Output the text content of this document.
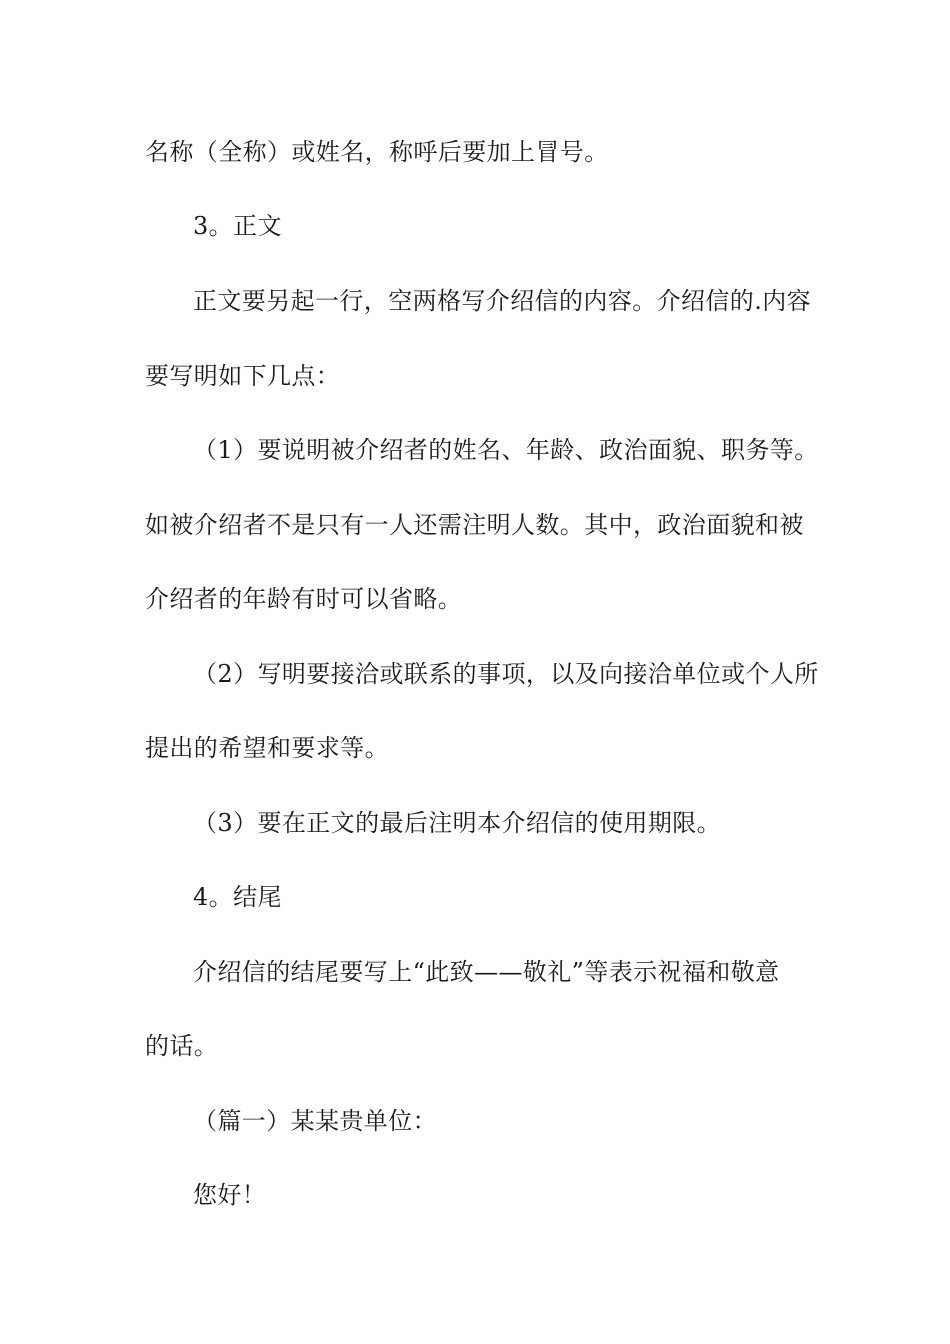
名称（全称）或姓名，称呼后要加上冒号。
3。正文
正文要另起一行，空两格写介绍信的内容。介绍信的.内容
要写明如下几点：
（1）要说明被介绍者的姓名、年龄、政治面貌、职务等。
如被介绍者不是只有一人还需注明人数。其中，政治面貌和被
介绍者的年龄有时可以省略。
（2）写明要接洽或联系的事项，以及向接洽单位或个人所
提出的希望和要求等。
（3）要在正文的最后注明本介绍信的使用期限。
4。结尾
介绍信的结尾要写上“此致——敬礼”等表示祝福和敬意
的话。
（篇一）某某贵单位：
您好！
